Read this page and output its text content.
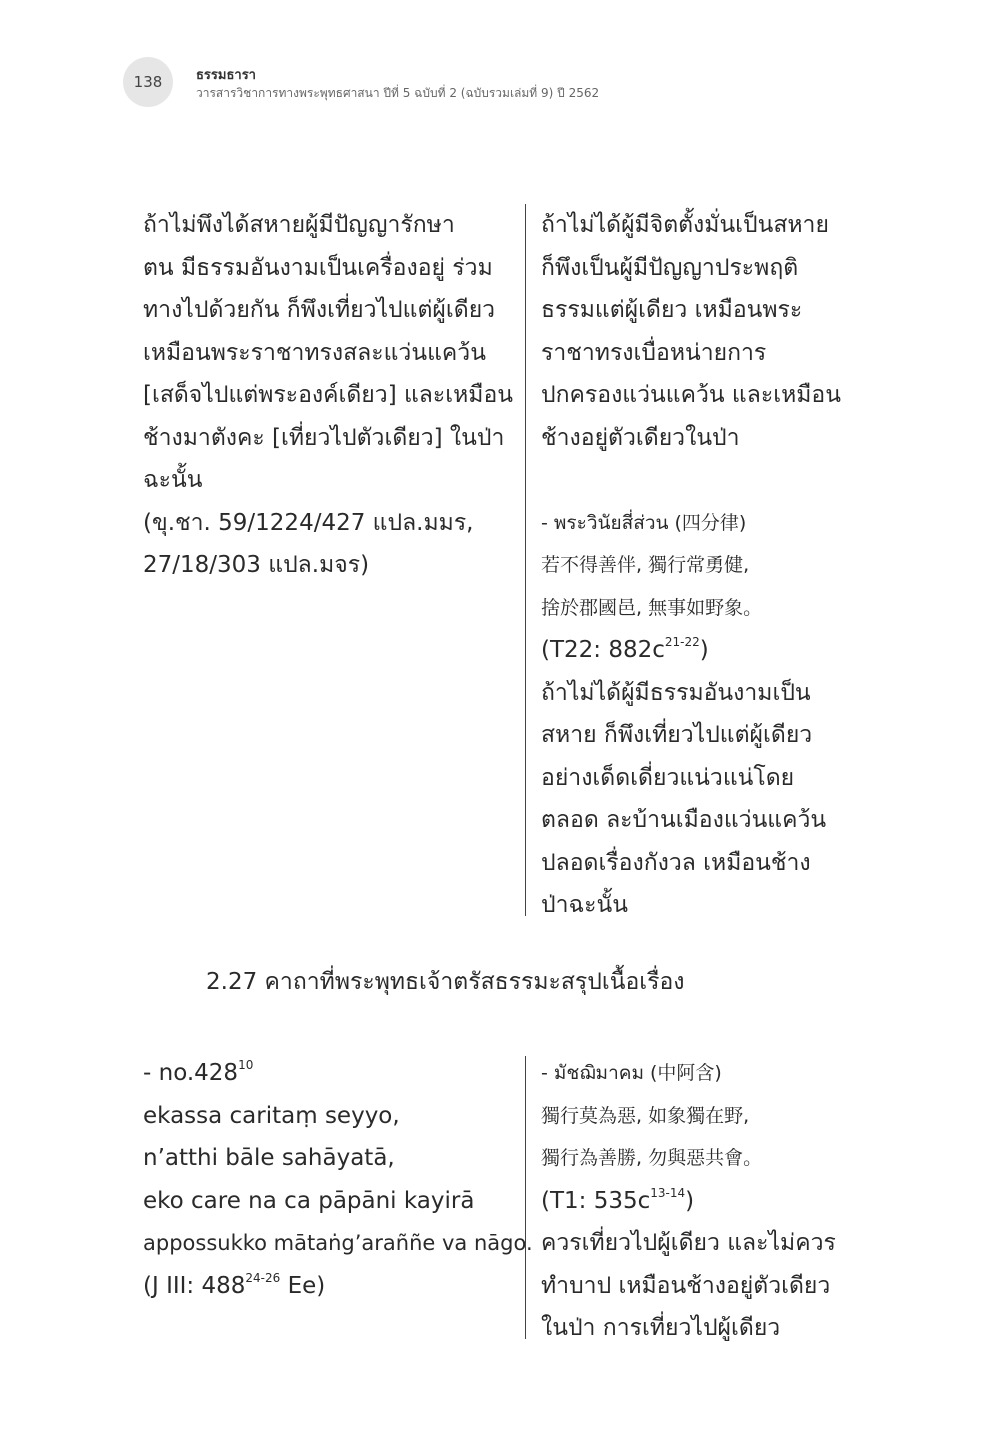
138	ธรรมธารา
วารสารวิชาการทางพระพุทธศาสนา ปีที่ 5 ฉบับที่ 2 (ฉบับรวมเล่มที่ 9) ปี 2562
ถ้าไม่พึงได้สหายผู้มีปัญญารักษา
ตน มีธรรมอันงามเป็นเครื่องอยู่ ร่วม
ทางไปด้วยกัน ก็พึงเที่ยวไปแต่ผู้เดียว
เหมือนพระราชาทรงสละแว่นแคว้น
[เสด็จไปแต่พระองค์เดียว] และเหมือน
ช้างมาตังคะ [เที่ยวไปตัวเดียว] ในป่า
ฉะนั้น
(ขุ.ชา. 59/1224/427 แปล.มมร,
27/18/303 แปล.มจร)
ถ้าไม่ได้ผู้มีจิตตั้งมั่นเป็นสหาย
ก็พึงเป็นผู้มีปัญญาประพฤติ
ธรรมแต่ผู้เดียว เหมือนพระ
ราชาทรงเบื่อหน่ายการ
ปกครองแว่นแคว้น และเหมือน
ช้างอยู่ตัวเดียวในป่า
- พระวินัยสี่ส่วน (四分律)
若不得善伴, 獨行常勇健,
捨於郡國邑, 無事如野象。
(T22: $882c^{21-22}$)
ถ้าไม่ได้ผู้มีธรรมอันงามเป็น
สหาย ก็พึงเที่ยวไปแต่ผู้เดียว
อย่างเด็ดเดี่ยวแน่วแน่โดย
ตลอด ละบ้านเมืองแว่นแคว้น
ปลอดเรื่องกังวล เหมือนช้าง
ป่าฉะนั้น
2.27 คาถาที่พระพุทธเจ้าตรัสธรรมะสรุปเนื้อเรื่อง
- no.428$^{10}$
ekassa caritaṃ seyyo,
n’atthi bāle sahāyatā,
eko care na ca pāpāni kayirā
appossukko mātaṅg’araññe va nāgo.
(J III: 488$^{24-26}$ Ee)
- มัชฌิมาคม (中阿含)
獨行莫為惡, 如象獨在野,
獨行為善勝, 勿與惡共會。
(T1: $535c^{13-14}$)
ควรเที่ยวไปผู้เดียว และไม่ควร
ทำบาป เหมือนช้างอยู่ตัวเดียว
ในป่า การเที่ยวไปผู้เดียว
